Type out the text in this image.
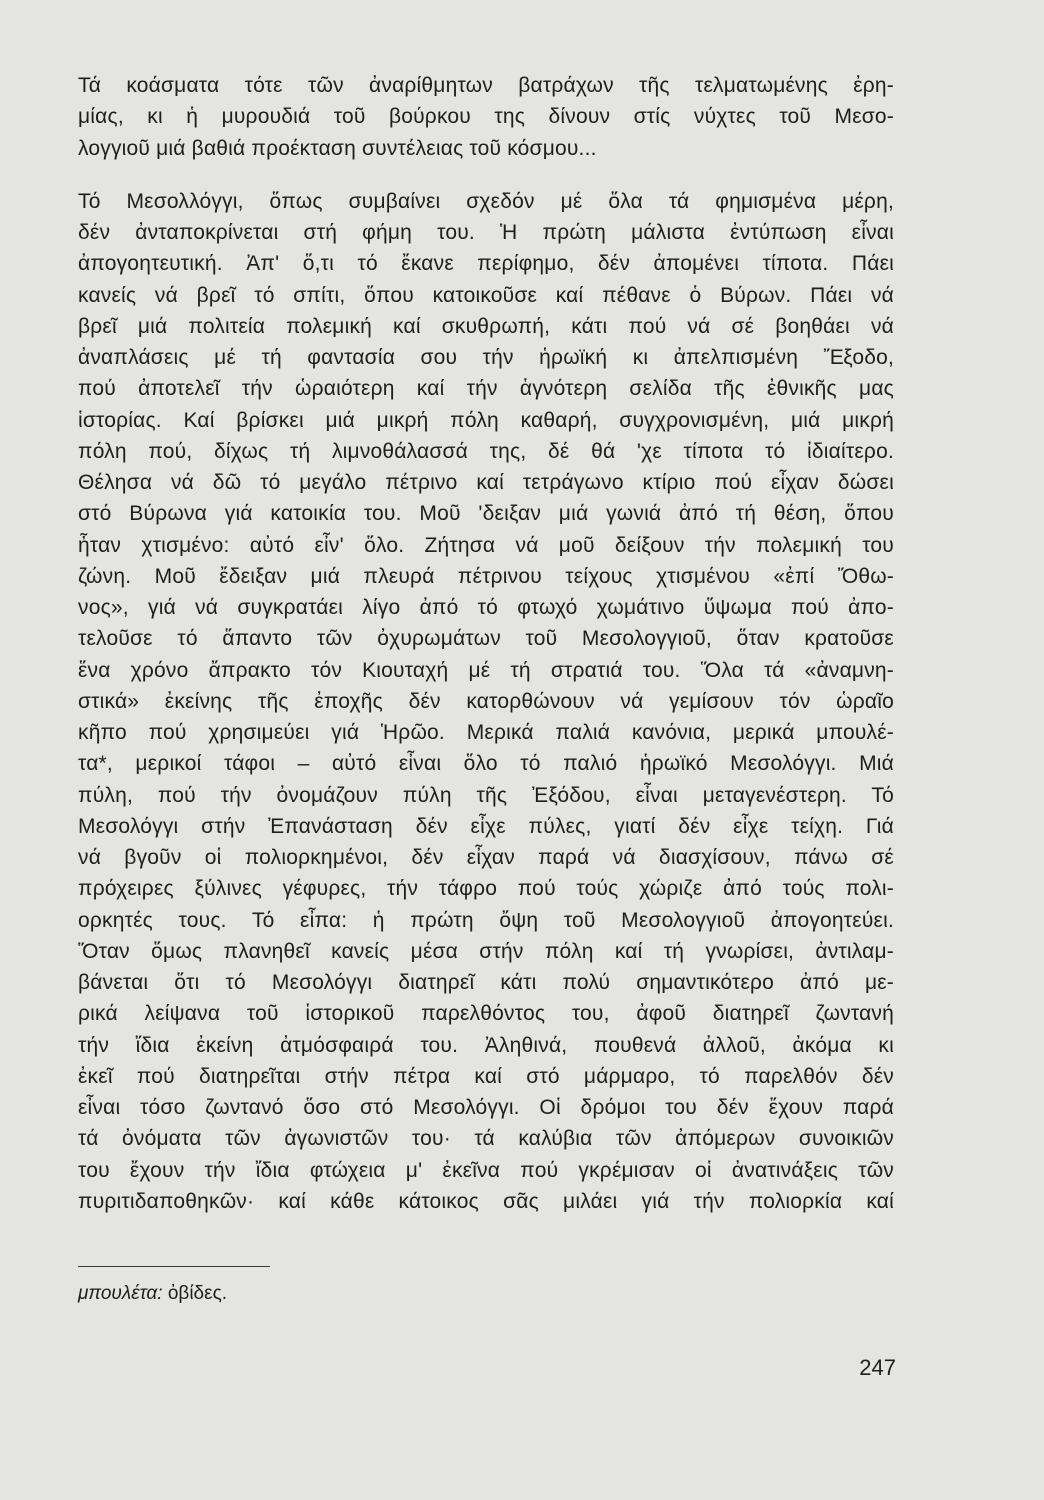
Τά κοάσματα τότε τῶν ἀναρίθμητων βατράχων τῆς τελματωμένης ἐρη-
μίας, κι ἡ μυρουδιά τοῦ βούρκου της δίνουν στίς νύχτες τοῦ Μεσο-
λογγιοῦ μιά βαθιά προέκταση συντέλειας τοῦ κόσμου...
Τό Μεσολλόγγι, ὅπως συμβαίνει σχεδόν μέ ὅλα τά φημισμένα μέρη,
δέν ἀνταποκρίνεται στή φήμη του. Ἡ πρώτη μάλιστα ἐντύπωση εἶναι
ἀπογοητευτική. Ἀπ' ὅ,τι τό ἔκανε περίφημο, δέν ἀπομένει τίποτα. Πάει
κανείς νά βρεῖ τό σπίτι, ὅπου κατοικοῦσε καί πέθανε ὁ Βύρων. Πάει νά
βρεῖ μιά πολιτεία πολεμική καί σκυθρωπή, κάτι πού νά σέ βοηθάει νά
ἀναπλάσεις μέ τή φαντασία σου τήν ἡρωϊκή κι ἀπελπισμένη Ἔξοδο,
πού ἀποτελεῖ τήν ὡραιότερη καί τήν ἁγνότερη σελίδα τῆς ἐθνικῆς μας
ἱστορίας. Καί βρίσκει μιά μικρή πόλη καθαρή, συγχρονισμένη, μιά μικρή
πόλη πού, δίχως τή λιμνοθάλασσά της, δέ θά 'χε τίποτα τό ἰδιαίτερο.
Θέλησα νά δῶ τό μεγάλο πέτρινο καί τετράγωνο κτίριο πού εἶχαν δώσει
στό Βύρωνα γιά κατοικία του. Μοῦ 'δειξαν μιά γωνιά ἀπό τή θέση, ὅπου
ἦταν χτισμένο: αὐτό εἶν' ὅλο. Ζήτησα νά μοῦ δείξουν τήν πολεμική του
ζώνη. Μοῦ ἔδειξαν μιά πλευρά πέτρινου τείχους χτισμένου «ἐπί Ὄθω-
νος», γιά νά συγκρατάει λίγο ἀπό τό φτωχό χωμάτινο ὕψωμα πού ἀπο-
τελοῦσε τό ἅπαντο τῶν ὀχυρωμάτων τοῦ Μεσολογγιοῦ, ὅταν κρατοῦσε
ἕνα χρόνο ἄπρακτο τόν Κιουταχή μέ τή στρατιά του. Ὅλα τά «ἀναμνη-
στικά» ἐκείνης τῆς ἐποχῆς δέν κατορθώνουν νά γεμίσουν τόν ὡραῖο
κῆπο πού χρησιμεύει γιά Ἡρῶο. Μερικά παλιά κανόνια, μερικά μπουλέ-
τα*, μερικοί τάφοι – αὐτό εἶναι ὅλο τό παλιό ἡρωϊκό Μεσολόγγι. Μιά
πύλη, πού τήν ὀνομάζουν πύλη τῆς Ἐξόδου, εἶναι μεταγενέστερη. Τό
Μεσολόγγι στήν Ἐπανάσταση δέν εἶχε πύλες, γιατί δέν εἶχε τείχη. Γιά
νά βγοῦν οἱ πολιορκημένοι, δέν εἶχαν παρά νά διασχίσουν, πάνω σέ
πρόχειρες ξύλινες γέφυρες, τήν τάφρο πού τούς χώριζε ἀπό τούς πολι-
ορκητές τους. Τό εἶπα: ἡ πρώτη ὄψη τοῦ Μεσολογγιοῦ ἀπογοητεύει.
Ὅταν ὅμως πλανηθεῖ κανείς μέσα στήν πόλη καί τή γνωρίσει, ἀντιλαμ-
βάνεται ὅτι τό Μεσολόγγι διατηρεῖ κάτι πολύ σημαντικότερο ἀπό με-
ρικά λείψανα τοῦ ἱστορικοῦ παρελθόντος του, ἀφοῦ διατηρεῖ ζωντανή
τήν ἴδια ἐκείνη ἀτμόσφαιρά του. Ἀληθινά, πουθενά ἀλλοῦ, ἀκόμα κι
ἐκεῖ πού διατηρεῖται στήν πέτρα καί στό μάρμαρο, τό παρελθόν δέν
εἶναι τόσο ζωντανό ὅσο στό Μεσολόγγι. Οἱ δρόμοι του δέν ἔχουν παρά
τά ὀνόματα τῶν ἀγωνιστῶν του· τά καλύβια τῶν ἀπόμερων συνοικιῶν
του ἔχουν τήν ἴδια φτώχεια μ' ἐκεῖνα πού γκρέμισαν οἱ ἀνατινάξεις τῶν
πυριτιδαποθηκῶν· καί κάθε κάτοικος σᾶς μιλάει γιά τήν πολιορκία καί
μπουλέτα: ὀβίδες.
247
